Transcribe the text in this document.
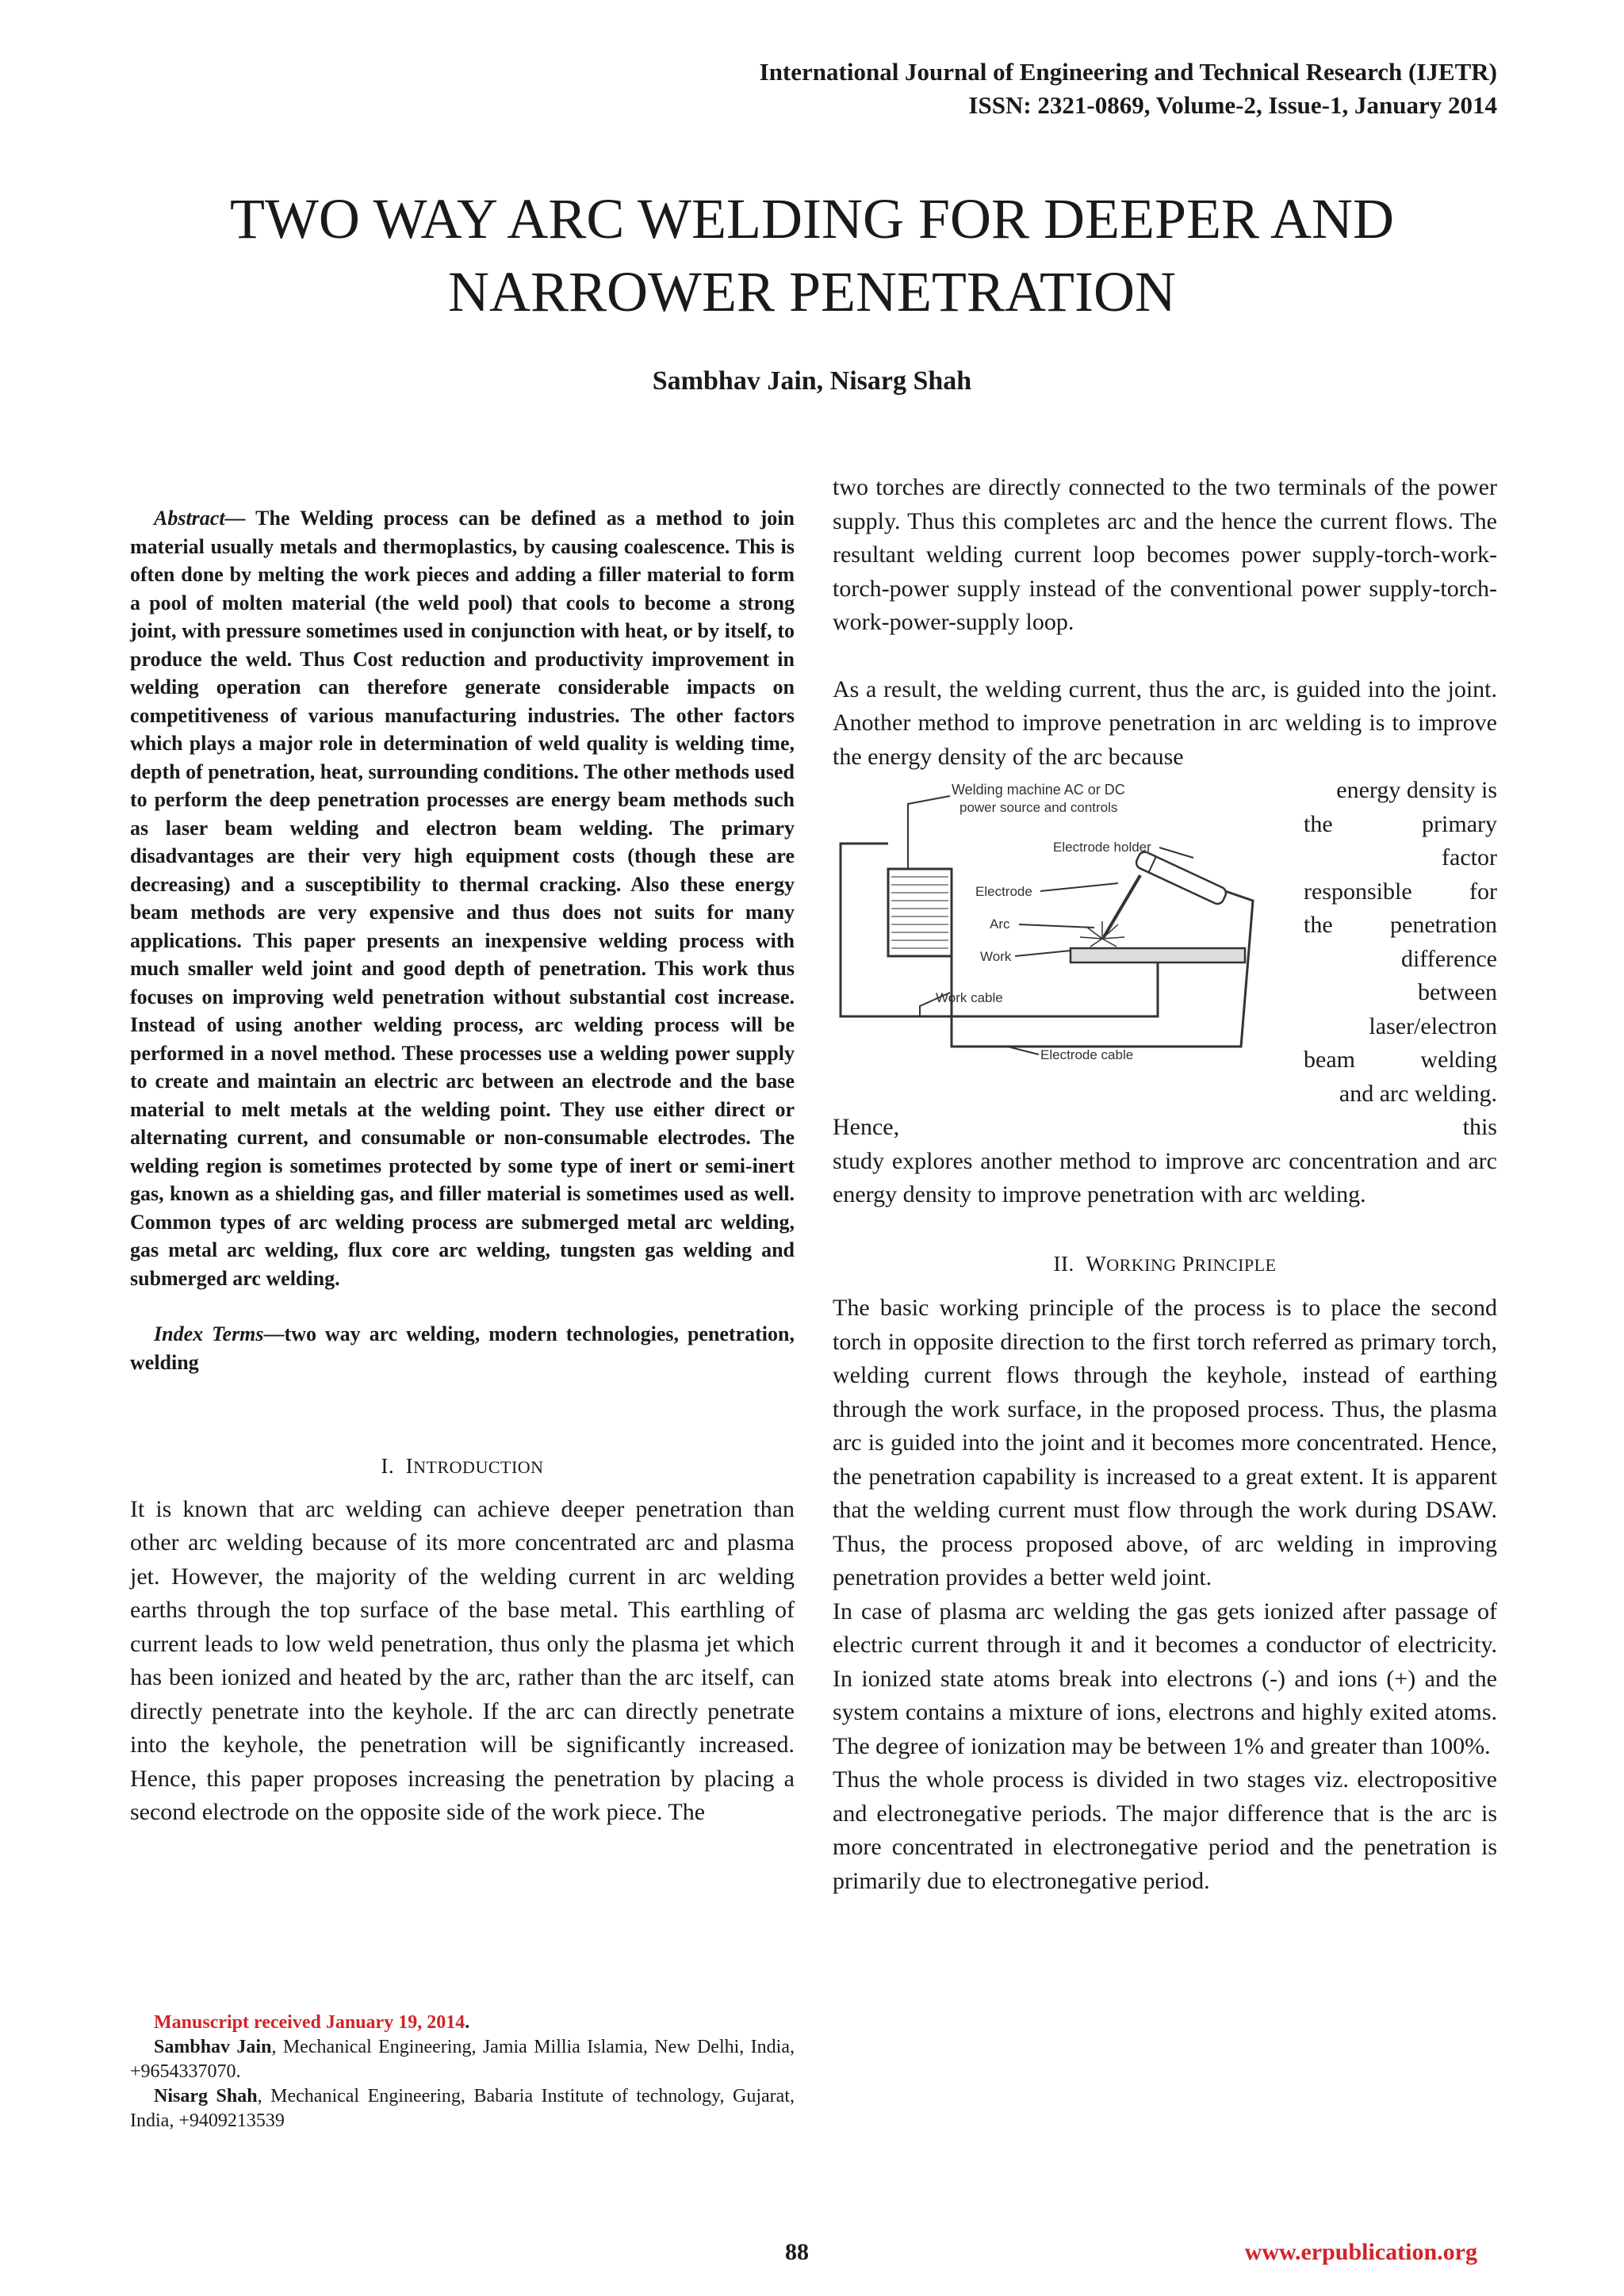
International Journal of Engineering and Technical Research (IJETR)
ISSN: 2321-0869, Volume-2, Issue-1, January 2014
TWO WAY ARC WELDING FOR DEEPER AND
NARROWER PENETRATION
Sambhav Jain, Nisarg Shah

Abstract— The Welding process can be defined as a method to join material usually metals and thermoplastics, by causing coalescence. This is often done by melting the work pieces and adding a filler material to form a pool of molten material (the weld pool) that cools to become a strong joint, with pressure sometimes used in conjunction with heat, or by itself, to produce the weld. Thus Cost reduction and productivity improvement in welding operation can therefore generate considerable impacts on competitiveness of various manufacturing industries. The other factors which plays a major role in determination of weld quality is welding time, depth of penetration, heat, surrounding conditions. The other methods used to perform the deep penetration processes are energy beam methods such as laser beam welding and electron beam welding. The primary disadvantages are their very high equipment costs (though these are decreasing) and a susceptibility to thermal cracking. Also these energy beam methods are very expensive and thus does not suits for many applications. This paper presents an inexpensive welding process with much smaller weld joint and good depth of penetration. This work thus focuses on improving weld penetration without substantial cost increase. Instead of using another welding process, arc welding process will be performed in a novel method. These processes use a welding power supply to create and maintain an electric arc between an electrode and the base material to melt metals at the welding point. They use either direct or alternating current, and consumable or non-consumable electrodes. The welding region is sometimes protected by some type of inert or semi-inert gas, known as a shielding gas, and filler material is sometimes used as well. Common types of arc welding process are submerged metal arc welding, gas metal arc welding, flux core arc welding, tungsten gas welding and submerged arc welding.

Index Terms—two way arc welding, modern technologies, penetration, welding

I. INTRODUCTION

It is known that arc welding can achieve deeper penetration than other arc welding because of its more concentrated arc and plasma jet. However, the majority of the welding current in arc welding earths through the top surface of the base metal. This earthling of current leads to low weld penetration, thus only the plasma jet which has been ionized and heated by the arc, rather than the arc itself, can directly penetrate into the keyhole. If the arc can directly penetrate into the keyhole, the penetration will be significantly increased. Hence, this paper proposes increasing the penetration by placing a second electrode on the opposite side of the work piece. The

two torches are directly connected to the two terminals of the power supply. Thus this completes arc and the hence the current flows. The resultant welding current loop becomes power supply-torch-work-torch-power supply instead of the conventional power supply-torch-work-power-supply loop.

As a result, the welding current, thus the arc, is guided into the joint. Another method to improve penetration in arc welding is to improve the energy density of the arc because

Welding machine AC or DC
power source and controls
Electrode holder
Electrode
Arc
Work
Work cable
Electrode cable
energy density is
the	primary
factor
responsible for
the penetration
difference
between
laser/electron
beam	welding
and arc welding.
Hence,	this

study explores another method to improve arc concentration and arc energy density to improve penetration with arc welding.

II. WORKING PRINCIPLE

The basic working principle of the process is to place the second torch in opposite direction to the first torch referred as primary torch, welding current flows through the keyhole, instead of earthing through the work surface, in the proposed process. Thus, the plasma arc is guided into the joint and it becomes more concentrated. Hence, the penetration capability is increased to a great extent. It is apparent that the welding current must flow through the work during DSAW. Thus, the process proposed above, of arc welding in improving penetration provides a better weld joint.

In case of plasma arc welding the gas gets ionized after passage of electric current through it and it becomes a conductor of electricity. In ionized state atoms break into electrons (-) and ions (+) and the system contains a mixture of ions, electrons and highly exited atoms. The degree of ionization may be between 1% and greater than 100%.

Thus the whole process is divided in two stages viz. electropositive and electronegative periods. The major difference that is the arc is more concentrated in electronegative period and the penetration is primarily due to electronegative period.

Manuscript received January 19, 2014.

Sambhav Jain, Mechanical Engineering, Jamia Millia Islamia, New Delhi, India, +9654337070.

Nisarg Shah, Mechanical Engineering, Babaria Institute of technology, Gujarat, India, +9409213539

88	www.erpublication.org
